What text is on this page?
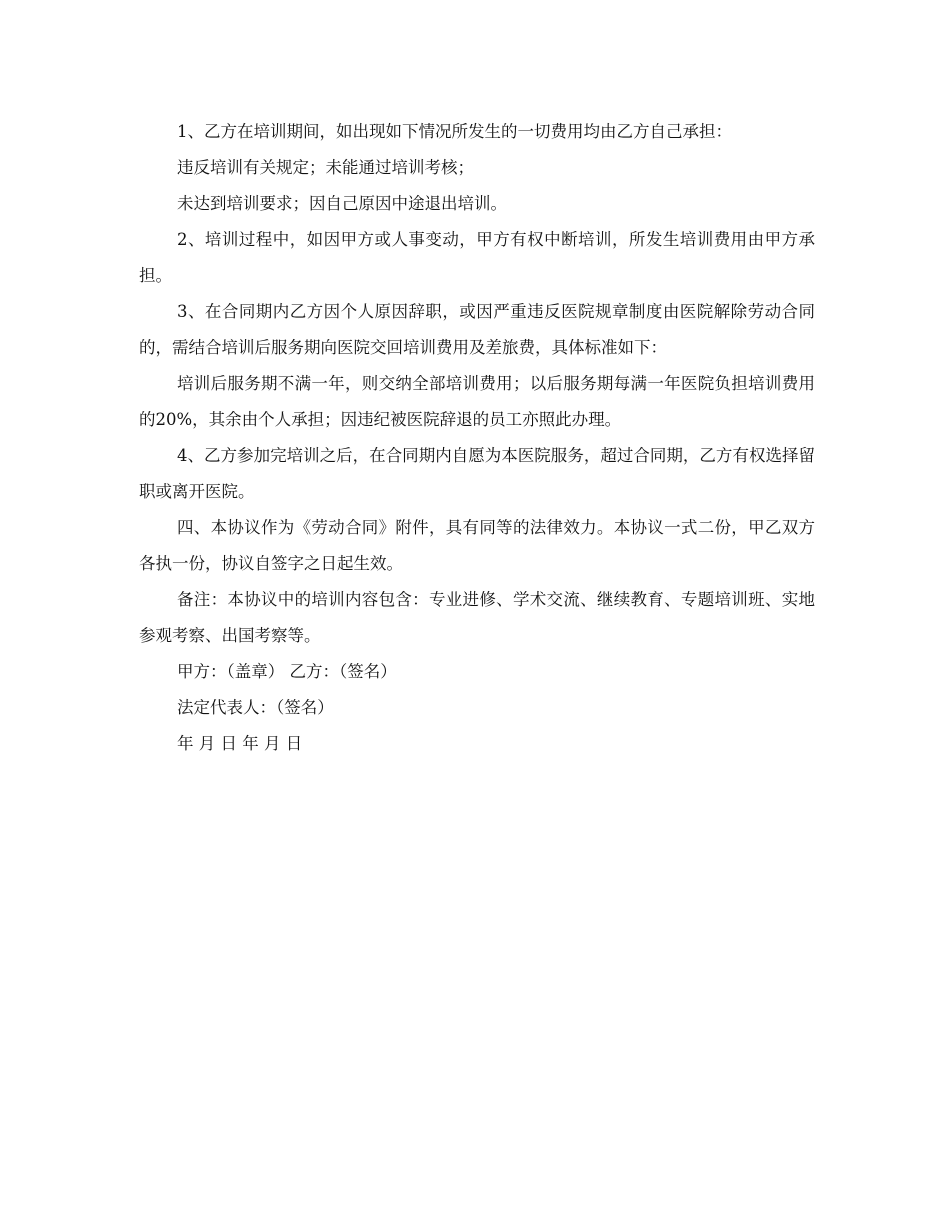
1、乙方在培训期间，如出现如下情况所发生的一切费用均由乙方自己承担：

违反培训有关规定；未能通过培训考核；

未达到培训要求；因自己原因中途退出培训。

2、培训过程中，如因甲方或人事变动，甲方有权中断培训，所发生培训费用由甲方承担。

3、在合同期内乙方因个人原因辞职，或因严重违反医院规章制度由医院解除劳动合同的，需结合培训后服务期向医院交回培训费用及差旅费，具体标准如下：

培训后服务期不满一年，则交纳全部培训费用；以后服务期每满一年医院负担培训费用的20%，其余由个人承担；因违纪被医院辞退的员工亦照此办理。

4、乙方参加完培训之后，在合同期内自愿为本医院服务，超过合同期，乙方有权选择留职或离开医院。

四、本协议作为《劳动合同》附件，具有同等的法律效力。本协议一式二份，甲乙双方各执一份，协议自签字之日起生效。

备注：本协议中的培训内容包含：专业进修、学术交流、继续教育、专题培训班、实地参观考察、出国考察等。

甲方：（盖章） 乙方：（签名）

法定代表人：（签名）

年 月 日 年 月 日
